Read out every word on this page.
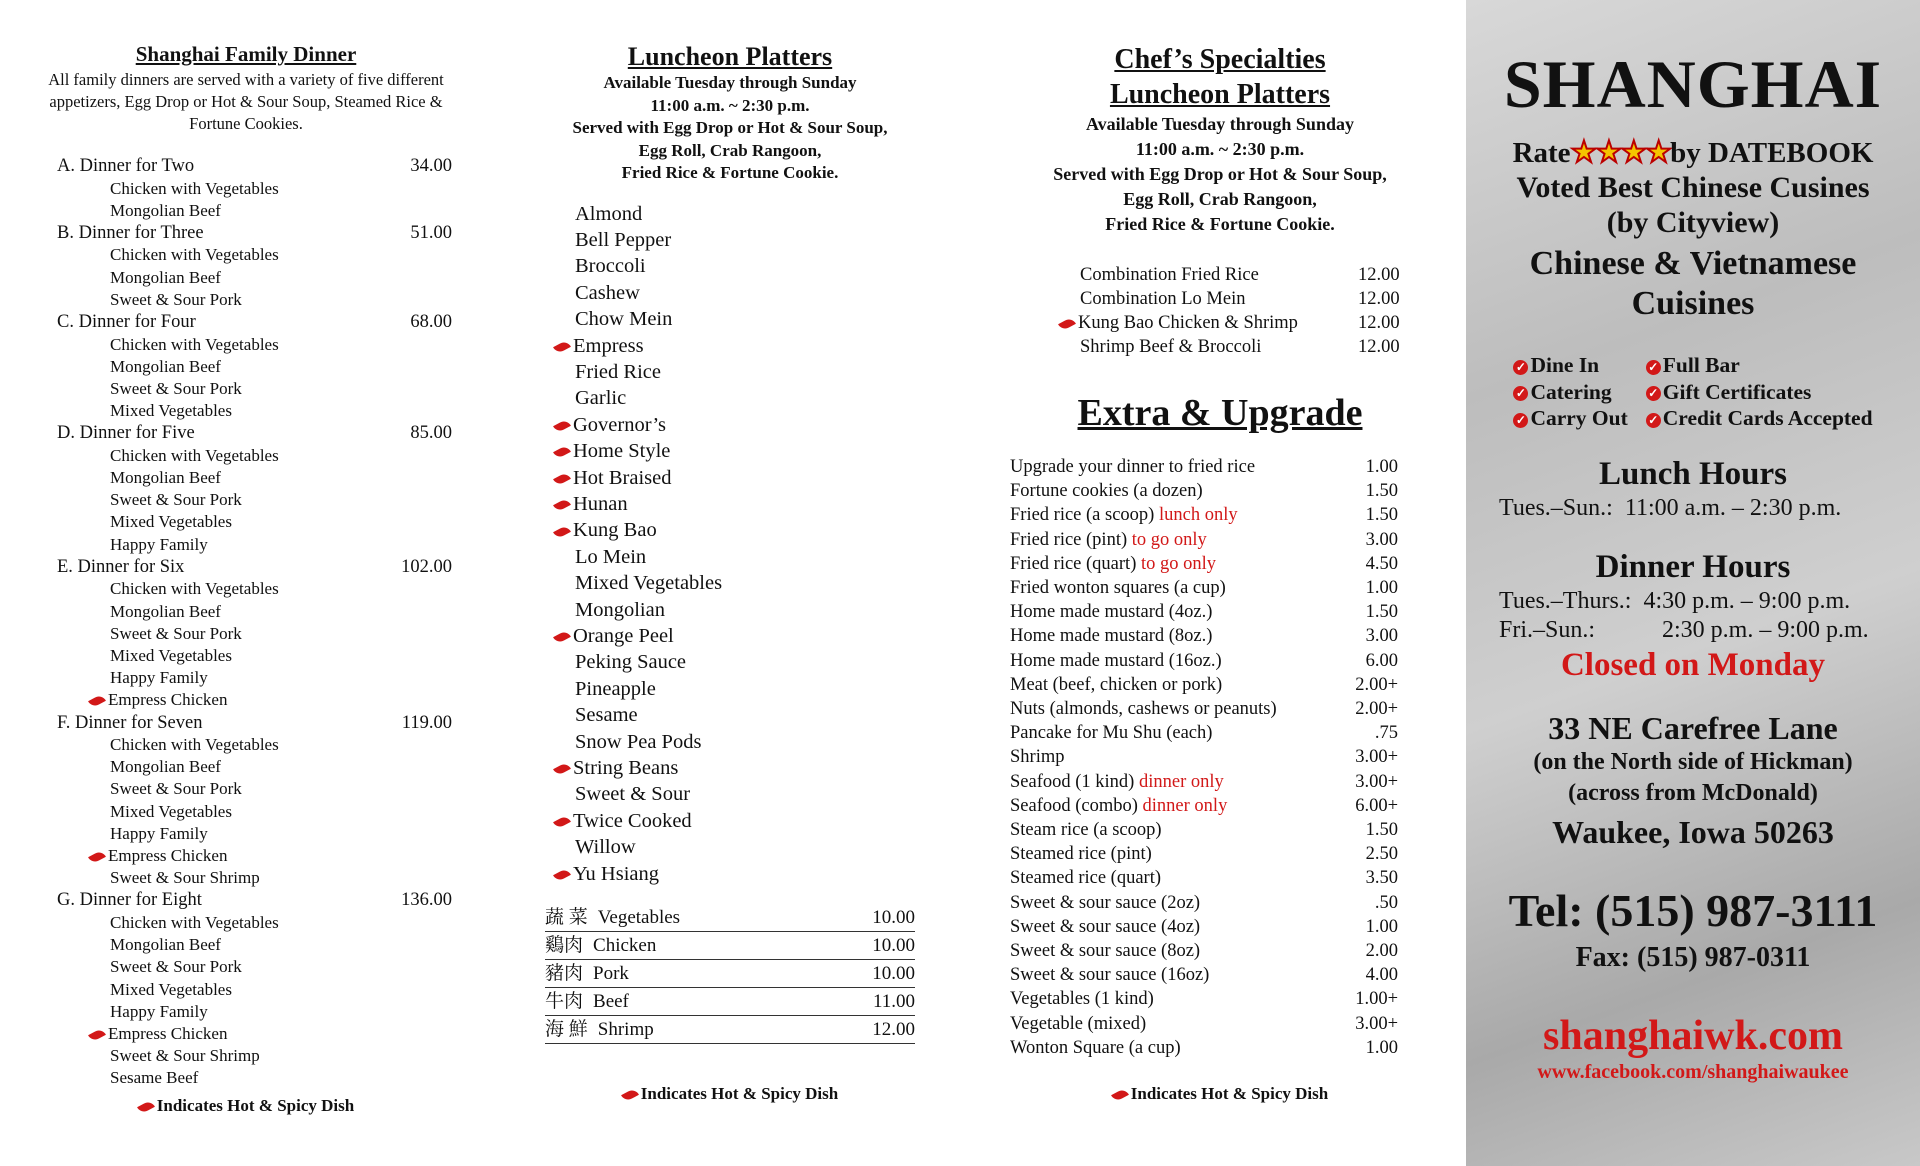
Shanghai Family Dinner

All family dinners are served with a variety of five different appetizers, Egg Drop or Hot & Sour Soup, Steamed Rice & Fortune Cookies.

A. Dinner for Two	34.00
Chicken with Vegetables
Mongolian Beef
B. Dinner for Three	51.00
Chicken with Vegetables
Mongolian Beef
Sweet & Sour Pork
C. Dinner for Four	68.00
Chicken with Vegetables
Mongolian Beef
Sweet & Sour Pork
Mixed Vegetables
D. Dinner for Five	85.00
Chicken with Vegetables
Mongolian Beef
Sweet & Sour Pork
Mixed Vegetables
Happy Family
E. Dinner for Six	102.00
Chicken with Vegetables
Mongolian Beef
Sweet & Sour Pork
Mixed Vegetables
Happy Family
Empress Chicken
F. Dinner for Seven	119.00
Chicken with Vegetables
Mongolian Beef
Sweet & Sour Pork
Mixed Vegetables
Happy Family
Empress Chicken
Sweet & Sour Shrimp
G. Dinner for Eight	136.00
Chicken with Vegetables
Mongolian Beef
Sweet & Sour Pork
Mixed Vegetables
Happy Family
Empress Chicken
Sweet & Sour Shrimp
Sesame Beef
Indicates Hot & Spicy Dish
Luncheon Platters
Available Tuesday through Sunday
11:00 a.m. ~ 2:30 p.m.
Served with Egg Drop or Hot & Sour Soup,
Egg Roll, Crab Rangoon,
Fried Rice & Fortune Cookie.
Almond
Bell Pepper
Broccoli
Cashew
Chow Mein
Empress
Fried Rice
Garlic
Governor’s
Home Style
Hot Braised
Hunan
Kung Bao
Lo Mein
Mixed Vegetables
Mongolian
Orange Peel
Peking Sauce
Pineapple
Sesame
Snow Pea Pods
String Beans
Sweet & Sour
Twice Cooked
Willow
Yu Hsiang
蔬 菜 Vegetables	10.00
鷄肉 Chicken	10.00
豬肉 Pork	10.00
牛肉 Beef	11.00
海 鮮 Shrimp	12.00
Indicates Hot & Spicy Dish
Chef’s Specialties
Luncheon Platters
Available Tuesday through Sunday
11:00 a.m. ~ 2:30 p.m.
Served with Egg Drop or Hot & Sour Soup,
Egg Roll, Crab Rangoon,
Fried Rice & Fortune Cookie.
Combination Fried Rice	12.00
Combination Lo Mein	12.00
Kung Bao Chicken & Shrimp	12.00
Shrimp Beef & Broccoli	12.00
Extra & Upgrade
Upgrade your dinner to fried rice	1.00
Fortune cookies (a dozen)	1.50
Fried rice (a scoop) lunch only	1.50
Fried rice (pint) to go only	3.00
Fried rice (quart) to go only	4.50
Fried wonton squares (a cup)	1.00
Home made mustard (4oz.)	1.50
Home made mustard (8oz.)	3.00
Home made mustard (16oz.)	6.00
Meat (beef, chicken or pork)	2.00+
Nuts (almonds, cashews or peanuts)	2.00+
Pancake for Mu Shu (each)	.75
Shrimp	3.00+
Seafood (1 kind) dinner only	3.00+
Seafood (combo) dinner only	6.00+
Steam rice (a scoop)	1.50
Steamed rice (pint)	2.50
Steamed rice (quart)	3.50
Sweet & sour sauce (2oz)	.50
Sweet & sour sauce (4oz)	1.00
Sweet & sour sauce (8oz)	2.00
Sweet & sour sauce (16oz)	4.00
Vegetables (1 kind)	1.00+
Vegetable (mixed)	3.00+
Wonton Square (a cup)	1.00
Indicates Hot & Spicy Dish
SHANGHAI
Rate★★★★by DATEBOOK
Voted Best Chinese Cusines
(by Cityview)
Chinese & Vietnamese
Cuisines
✓ Dine In	✓ Full Bar
✓ Catering	✓ Gift Certificates
✓ Carry Out ✓ Credit Cards Accepted
Lunch Hours
Tues.–Sun.: 11:00 a.m. – 2:30 p.m.
Dinner Hours
Tues.–Thurs.: 4:30 p.m. – 9:00 p.m.
Fri.–Sun.:	2:30 p.m. – 9:00 p.m.
Closed on Monday
33 NE Carefree Lane
(on the North side of Hickman)
(across from McDonald)
Waukee, Iowa 50263
Tel: (515) 987-3111
Fax: (515) 987-0311
shanghaiwk.com
www.facebook.com/shanghaiwaukee
